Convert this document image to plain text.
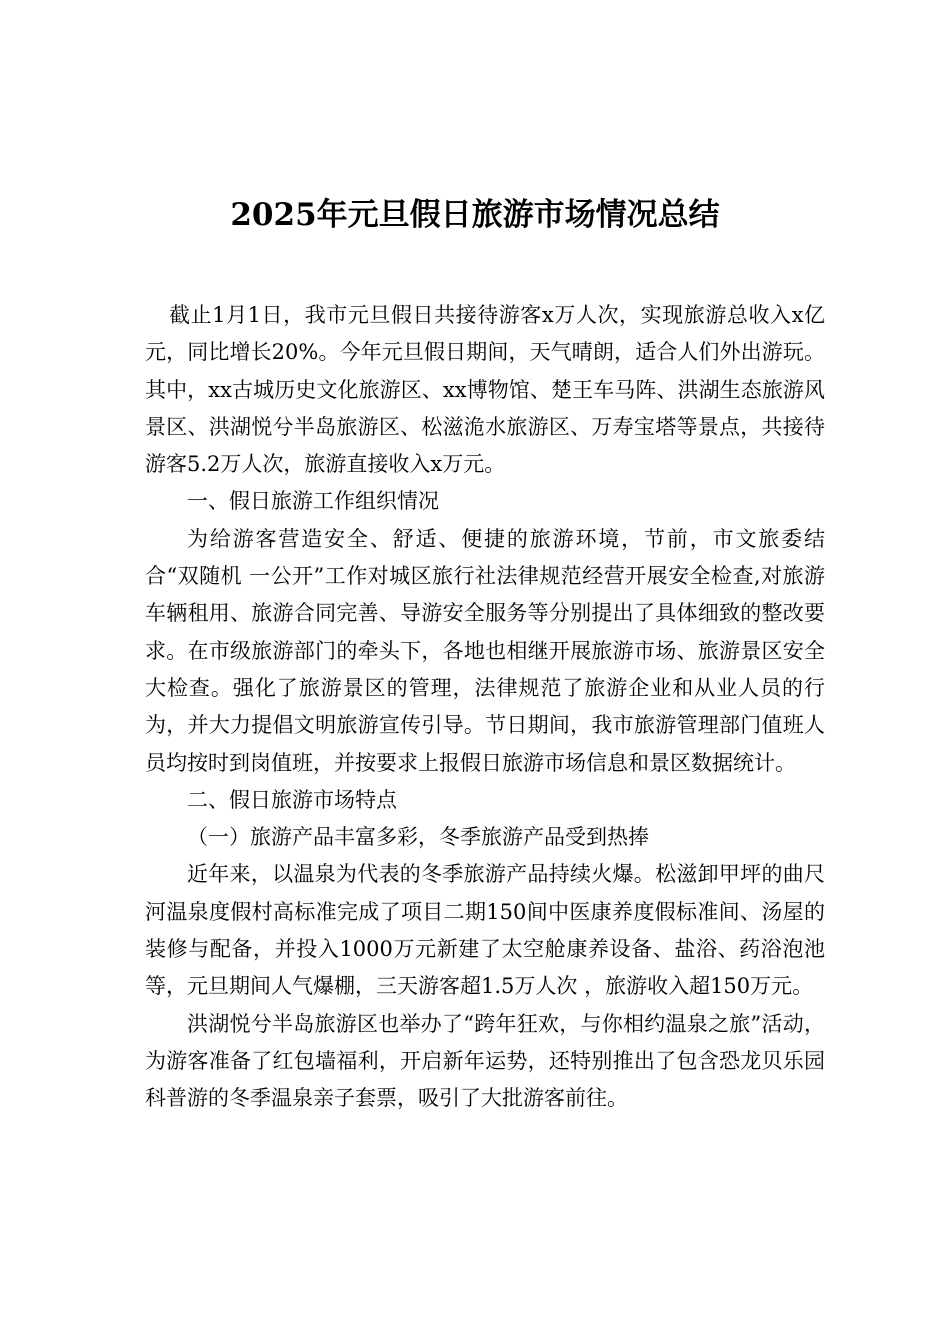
2025年元旦假日旅游市场情况总结

截止1月1日，我市元旦假日共接待游客x万人次，实现旅游总收入x亿元，同比增长20%。今年元旦假日期间，天气晴朗，适合人们外出游玩。其中，xx古城历史文化旅游区、xx博物馆、楚王车马阵、洪湖生态旅游风景区、洪湖悦兮半岛旅游区、松滋洈水旅游区、万寿宝塔等景点，共接待游客5.2万人次，旅游直接收入x万元。

一、假日旅游工作组织情况

为给游客营造安全、舒适、便捷的旅游环境，节前，市文旅委结合“双随机 一公开”工作对城区旅行社法律规范经营开展安全检查,对旅游车辆租用、旅游合同完善、导游安全服务等分别提出了具体细致的整改要求。在市级旅游部门的牵头下，各地也相继开展旅游市场、旅游景区安全大检查。强化了旅游景区的管理，法律规范了旅游企业和从业人员的行为，并大力提倡文明旅游宣传引导。节日期间，我市旅游管理部门值班人员均按时到岗值班，并按要求上报假日旅游市场信息和景区数据统计。

二、假日旅游市场特点

（一）旅游产品丰富多彩，冬季旅游产品受到热捧

近年来，以温泉为代表的冬季旅游产品持续火爆。松滋卸甲坪的曲尺河温泉度假村高标准完成了项目二期150间中医康养度假标准间、汤屋的装修与配备，并投入1000万元新建了太空舱康养设备、盐浴、药浴泡池等，元旦期间人气爆棚，三天游客超1.5万人次 ，旅游收入超150万元。

洪湖悦兮半岛旅游区也举办了“跨年狂欢，与你相约温泉之旅”活动，为游客准备了红包墙福利，开启新年运势，还特别推出了包含恐龙贝乐园科普游的冬季温泉亲子套票，吸引了大批游客前往。
